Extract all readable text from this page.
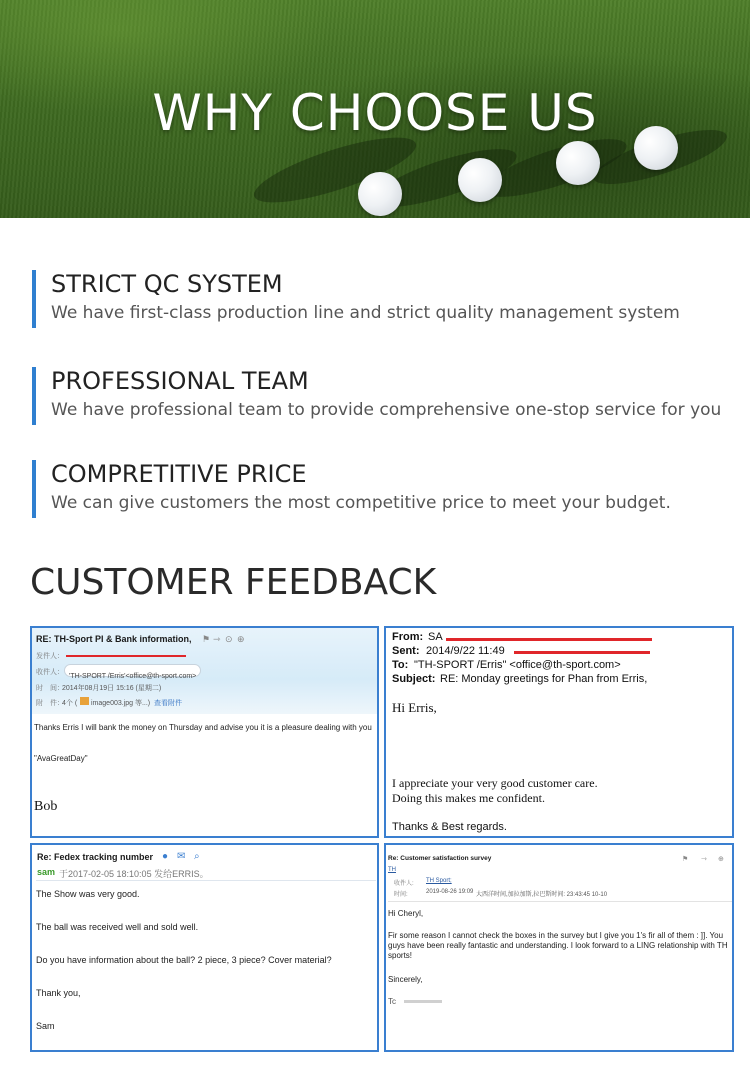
WHY CHOOSE US
STRICT QC SYSTEM
We have first-class production line and strict quality management system
PROFESSIONAL TEAM
We have professional team to provide comprehensive one-stop service for you
COMPRETITIVE PRICE
We can give customers the most competitive price to meet your budget.
CUSTOMER FEEDBACK
RE: TH-Sport PI & Bank information, ⚑ ⇾ ⊙ ⊕
发件人：
收件人：
'TH-SPORT /Erris'<office@th-sport.com>
时　间：
2014年08月19日 15:16 (星期二)
附　件：
4个 ( image003.jpg 等...) 查看附件
Thanks Erris I will bank the money on Thursday and advise you it is a pleasure dealing with you
"AvaGreatDay"
Bob
From: SA
Sent: 2014/9/22 11:49
To: "TH-SPORT /Erris" <office@th-sport.com>
Subject: RE: Monday greetings for Phan from Erris,
Hi Erris,
I appreciate your very good customer care.
Doing this makes me confident.
Thanks & Best regards.
Re: Fedex tracking number ● ✉ ⌕
sam 于2017-02-05 18:10:05 发给ERRIS。
The Show was very good.
The ball was received well and sold well.
Do you have information about the ball? 2 piece, 3 piece? Cover material?
Thank you,
Sam
Re: Customer satisfaction survey	⚑ ⇾ ⊕
TH
收件人: TH Sport;
时间:	2019-08-26 19:09 大西洋时间,加拉加斯,拉巴斯时间: 23:43:45 10-10
Hi Cheryl,
Fir some reason I cannot check the boxes in the survey but I give you 1's fir all of them : ]]. You guys have been really fantastic and understanding. I look forward to a LING relationship with TH sports!
Sincerely,
Tc
